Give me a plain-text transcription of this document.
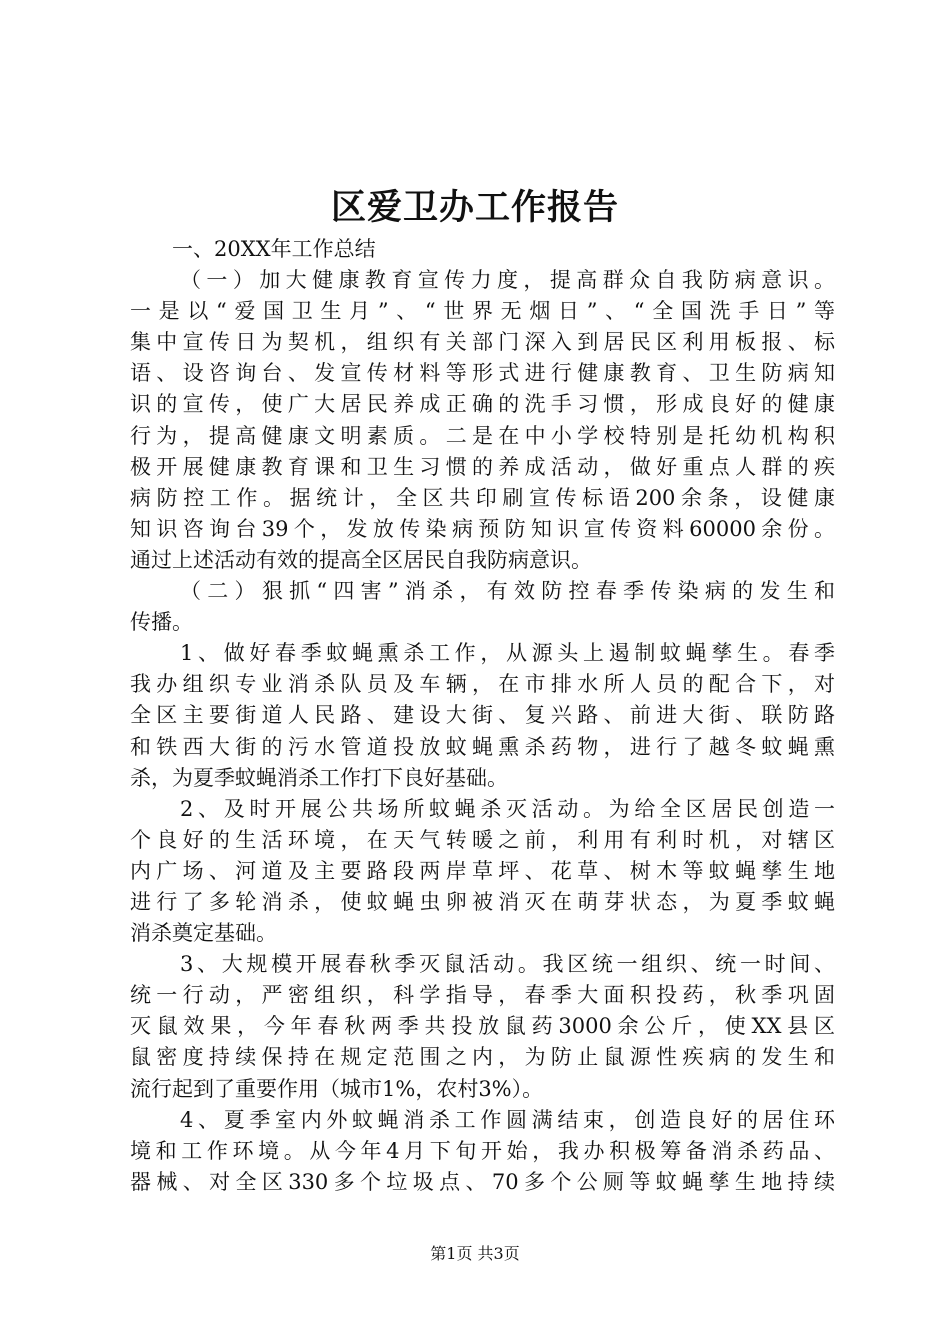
区爱卫办工作报告
一、20XX年工作总结
（一）加大健康教育宣传力度，提高群众自我防病意识。
一是以“爱国卫生月”、“世界无烟日”、“全国洗手日”等
集中宣传日为契机，组织有关部门深入到居民区利用板报、标
语、设咨询台、发宣传材料等形式进行健康教育、卫生防病知
识的宣传，使广大居民养成正确的洗手习惯，形成良好的健康
行为，提高健康文明素质。二是在中小学校特别是托幼机构积
极开展健康教育课和卫生习惯的养成活动，做好重点人群的疾
病防控工作。据统计，全区共印刷宣传标语200余条，设健康
知识咨询台39个，发放传染病预防知识宣传资料60000余份。
通过上述活动有效的提高全区居民自我防病意识。
（二）狠抓“四害”消杀，有效防控春季传染病的发生和
传播。
1、做好春季蚊蝇熏杀工作，从源头上遏制蚊蝇孳生。春季
我办组织专业消杀队员及车辆，在市排水所人员的配合下，对
全区主要街道人民路、建设大街、复兴路、前进大街、联防路
和铁西大街的污水管道投放蚊蝇熏杀药物，进行了越冬蚊蝇熏
杀，为夏季蚊蝇消杀工作打下良好基础。
2、及时开展公共场所蚊蝇杀灭活动。为给全区居民创造一
个良好的生活环境，在天气转暖之前，利用有利时机，对辖区
内广场、河道及主要路段两岸草坪、花草、树木等蚊蝇孳生地
进行了多轮消杀，使蚊蝇虫卵被消灭在萌芽状态，为夏季蚊蝇
消杀奠定基础。
3、大规模开展春秋季灭鼠活动。我区统一组织、统一时间、
统一行动，严密组织，科学指导，春季大面积投药，秋季巩固
灭鼠效果，今年春秋两季共投放鼠药3000余公斤，使XX县区
鼠密度持续保持在规定范围之内，为防止鼠源性疾病的发生和
流行起到了重要作用（城市1%，农村3%）。
4、夏季室内外蚊蝇消杀工作圆满结束，创造良好的居住环
境和工作环境。从今年4月下旬开始，我办积极筹备消杀药品、
器械、对全区330多个垃圾点、70多个公厕等蚊蝇孳生地持续
第1页 共3页
